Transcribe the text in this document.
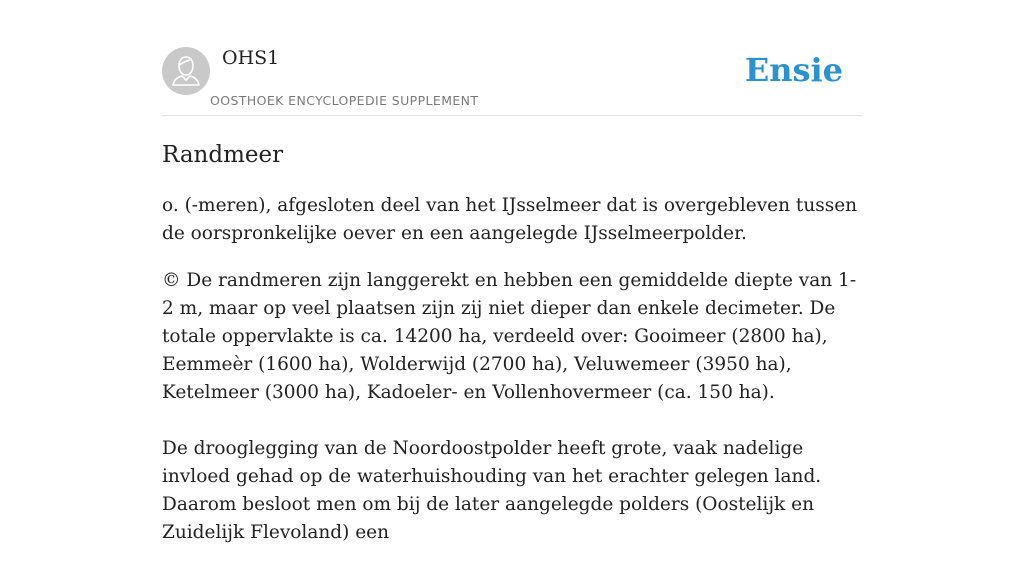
OHS1
OOSTHOEK ENCYCLOPEDIE SUPPLEMENT
Ensie
Randmeer

o. (-meren), afgesloten deel van het IJsselmeer dat is overgebleven tussen de oorspronkelijke oever en een aangelegde IJsselmeerpolder.

© De randmeren zijn langgerekt en hebben een gemiddelde diepte van 1-2 m, maar op veel plaatsen zijn zij niet dieper dan enkele decimeter. De totale oppervlakte is ca. 14200 ha, verdeeld over: Gooimeer (2800 ha), Eemmeèr (1600 ha), Wolderwijd (2700 ha), Veluwemeer (3950 ha), Ketelmeer (3000 ha), Kadoeler- en Vollenhovermeer (ca. 150 ha).

De drooglegging van de Noordoostpolder heeft grote, vaak nadelige invloed gehad op de waterhuishouding van het erachter gelegen land. Daarom besloot men om bij de later aangelegde polders (Oostelijk en Zuidelijk Flevoland) een
